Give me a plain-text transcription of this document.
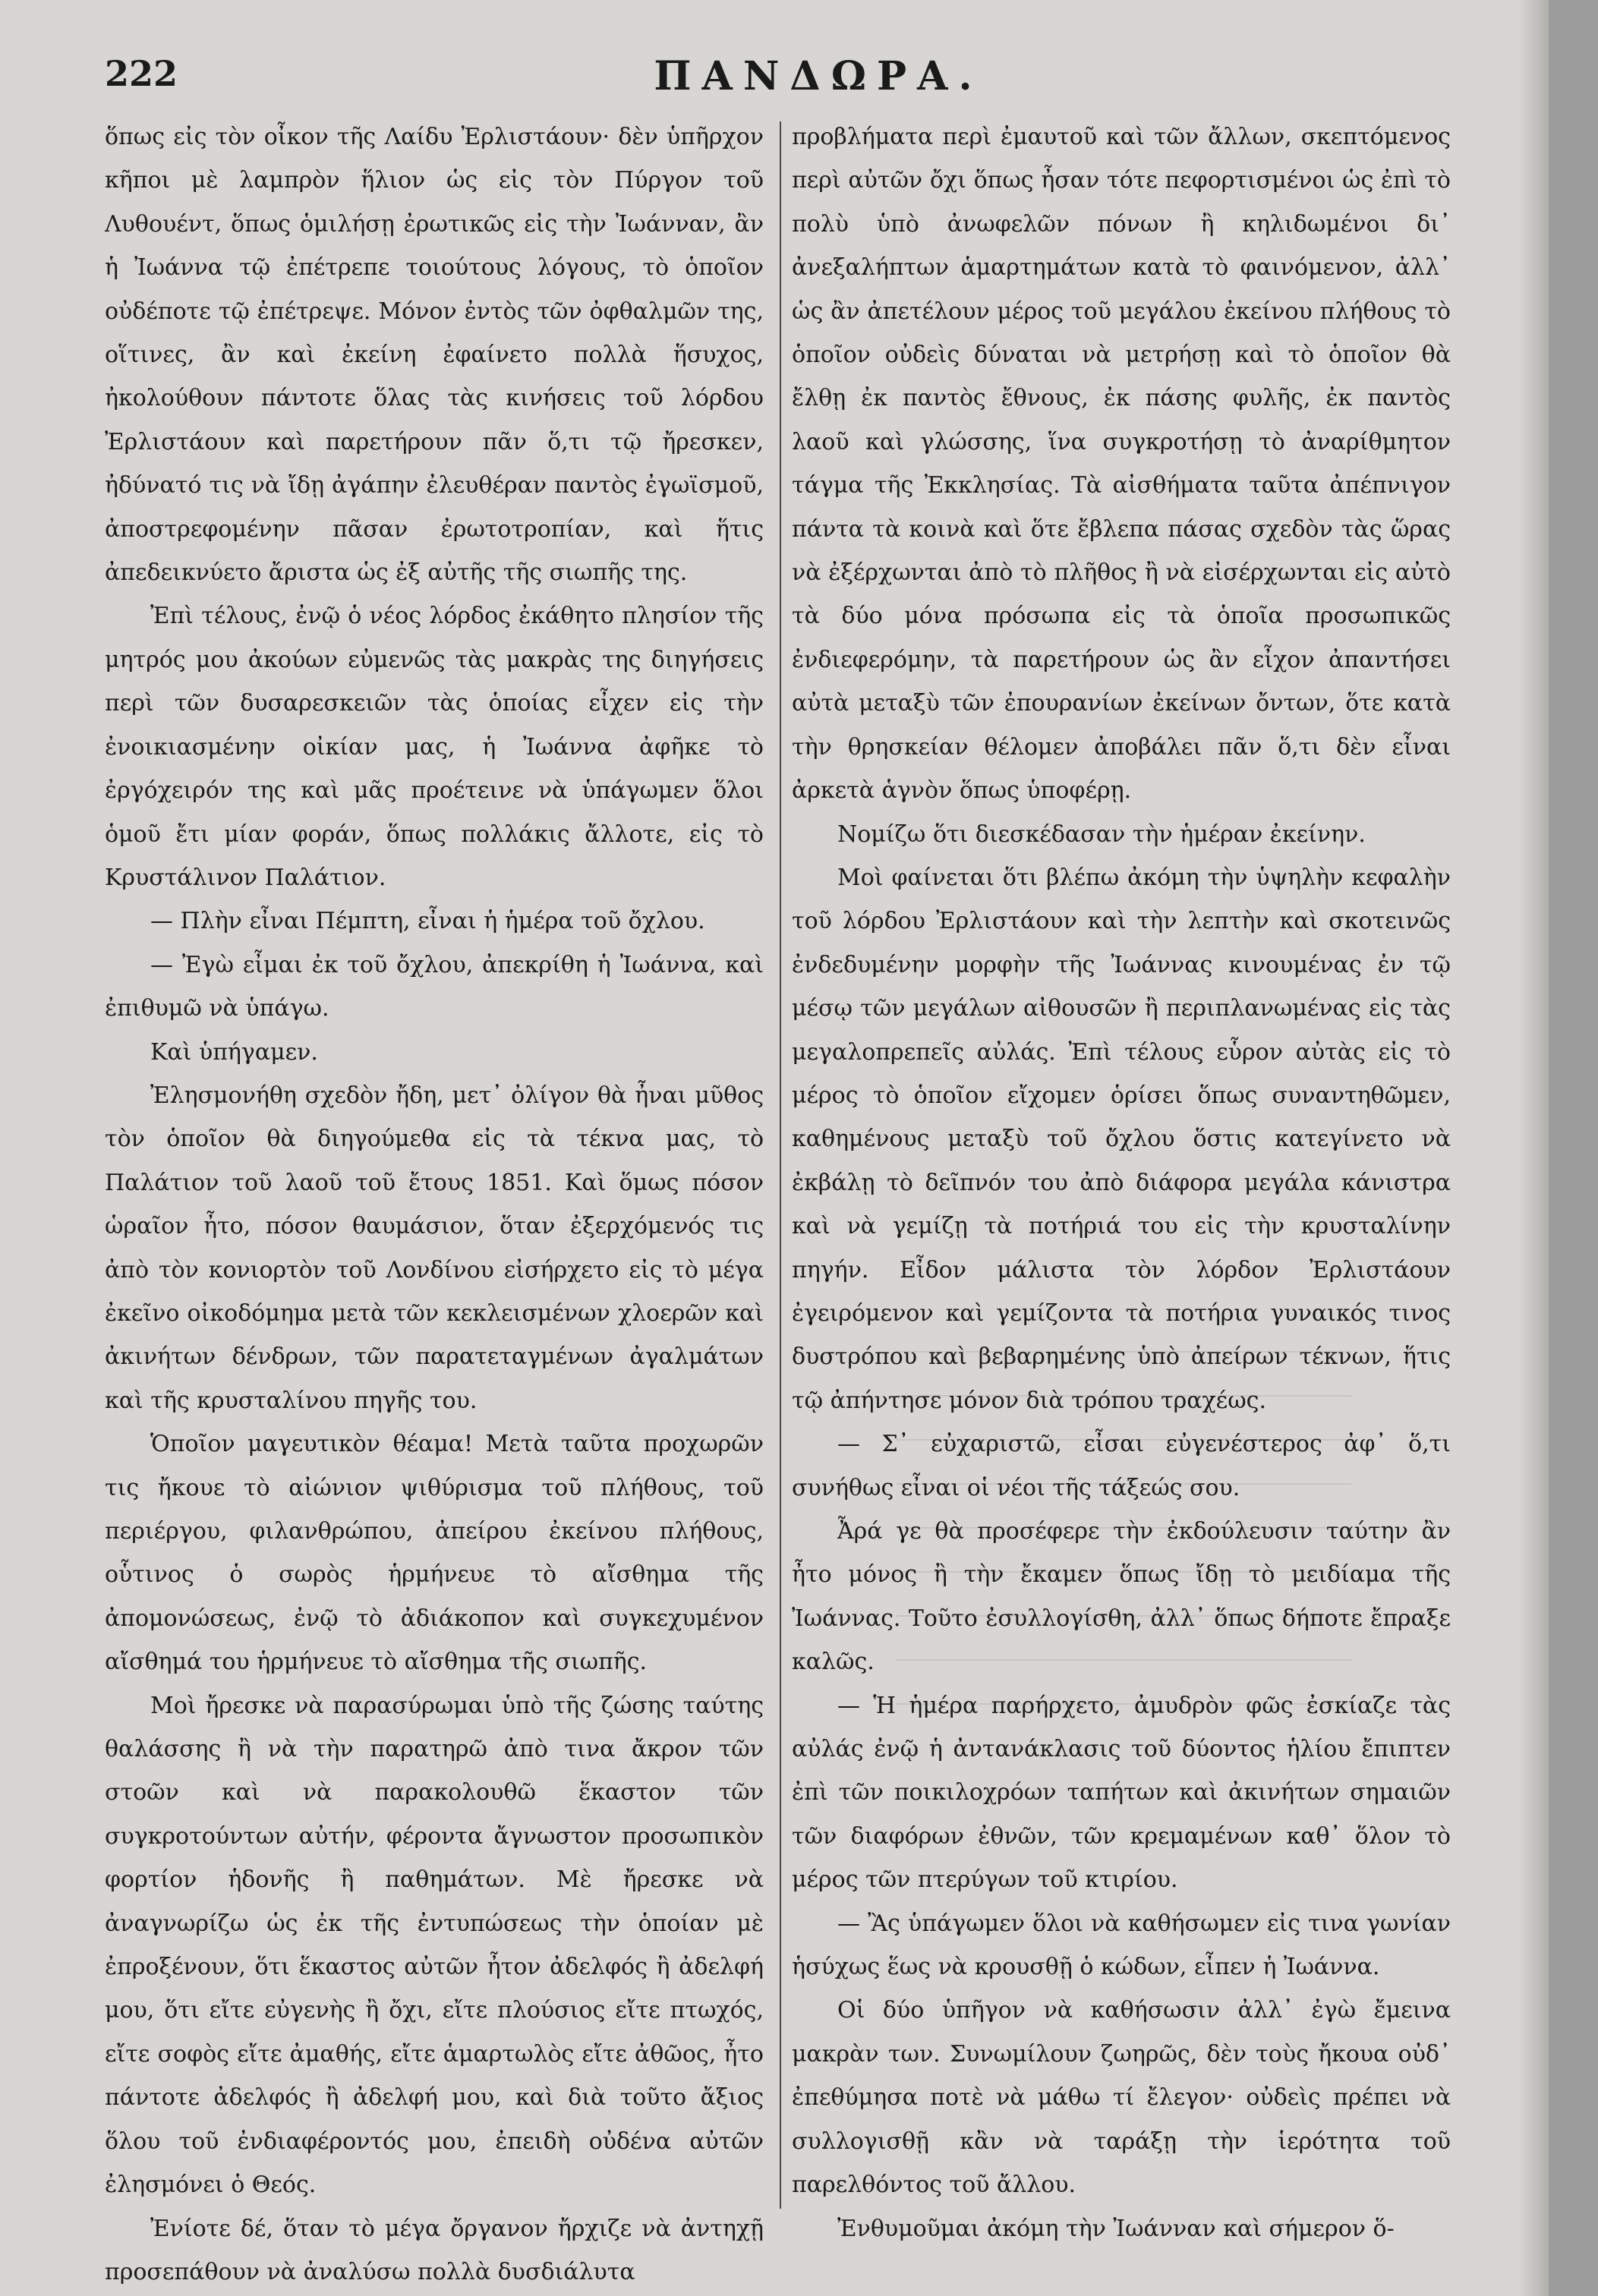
222	ΠΑΝΔΩΡΑ.

ὅπως εἰς τὸν οἶκον τῆς Λαίδυ Ἐρλιστάουν· δὲν ὑπῆρχον κῆποι μὲ λαμπρὸν ἥλιον ὡς εἰς τὸν Πύργον τοῦ Λυθουέντ, ὅπως ὁμιλήσῃ ἐρωτικῶς εἰς τὴν Ἰωάνναν, ἂν ἡ Ἰωάννα τῷ ἐπέτρεπε τοιούτους λόγους, τὸ ὁποῖον οὐδέποτε τῷ ἐπέτρεψε. Μόνον ἐντὸς τῶν ὀφθαλμῶν της, οἵτινες, ἂν καὶ ἐκείνη ἐφαίνετο πολλὰ ἥσυχος, ἠκολούθουν πάντοτε ὅλας τὰς κινήσεις τοῦ λόρδου Ἐρλιστάουν καὶ παρετήρουν πᾶν ὅ,τι τῷ ἤρεσκεν, ἠδύνατό τις νὰ ἴδῃ ἀγάπην ἐλευθέραν παντὸς ἐγωϊσμοῦ, ἀποστρεφομένην πᾶσαν ἐρωτοτροπίαν, καὶ ἥτις ἀπεδεικνύετο ἄριστα ὡς ἐξ αὐτῆς τῆς σιωπῆς της.

Ἐπὶ τέλους, ἐνῷ ὁ νέος λόρδος ἐκάθητο πλησίον τῆς μητρός μου ἀκούων εὐμενῶς τὰς μακρὰς της διηγήσεις περὶ τῶν δυσαρεσκειῶν τὰς ὁποίας εἶχεν εἰς τὴν ἐνοικιασμένην οἰκίαν μας, ἡ Ἰωάννα ἀφῆκε τὸ ἐργόχειρόν της καὶ μᾶς προέτεινε νὰ ὑπάγωμεν ὅλοι ὁμοῦ ἔτι μίαν φοράν, ὅπως πολλάκις ἄλλοτε, εἰς τὸ Κρυστάλινον Παλάτιον.

— Πλὴν εἶναι Πέμπτη, εἶναι ἡ ἡμέρα τοῦ ὄχλου.

— Ἐγὼ εἶμαι ἐκ τοῦ ὄχλου, ἀπεκρίθη ἡ Ἰωάννα, καὶ ἐπιθυμῶ νὰ ὑπάγω.

Καὶ ὑπήγαμεν.

Ἐλησμονήθη σχεδὸν ἤδη, μετ᾽ ὀλίγον θὰ ἦναι μῦθος τὸν ὁποῖον θὰ διηγούμεθα εἰς τὰ τέκνα μας, τὸ Παλάτιον τοῦ λαοῦ τοῦ ἔτους 1851. Καὶ ὅμως πόσον ὡραῖον ἦτο, πόσον θαυμάσιον, ὅταν ἐξερχόμενός τις ἀπὸ τὸν κονιορτὸν τοῦ Λονδίνου εἰσήρχετο εἰς τὸ μέγα ἐκεῖνο οἰκοδόμημα μετὰ τῶν κεκλεισμένων χλοερῶν καὶ ἀκινήτων δένδρων, τῶν παρατεταγμένων ἀγαλμάτων καὶ τῆς κρυσταλίνου πηγῆς του.

Ὁποῖον μαγευτικὸν θέαμα! Μετὰ ταῦτα προχωρῶν τις ἤκουε τὸ αἰώνιον ψιθύρισμα τοῦ πλήθους, τοῦ περιέργου, φιλανθρώπου, ἀπείρου ἐκείνου πλήθους, οὗτινος ὁ σωρὸς ἡρμήνευε τὸ αἴσθημα τῆς ἀπομονώσεως, ἐνῷ τὸ ἀδιάκοπον καὶ συγκεχυμένον αἴσθημά του ἡρμήνευε τὸ αἴσθημα τῆς σιωπῆς.

Μοὶ ἤρεσκε νὰ παρασύρωμαι ὑπὸ τῆς ζώσης ταύτης θαλάσσης ἢ νὰ τὴν παρατηρῶ ἀπὸ τινα ἄκρον τῶν στοῶν καὶ νὰ παρακολουθῶ ἕκαστον τῶν συγκροτούντων αὐτήν, φέροντα ἄγνωστον προσωπικὸν φορτίον ἡδονῆς ἢ παθημάτων. Μὲ ἤρεσκε νὰ ἀναγνωρίζω ὡς ἐκ τῆς ἐντυπώσεως τὴν ὁποίαν μὲ ἐπροξένουν, ὅτι ἕκαστος αὐτῶν ἦτον ἀδελφός ἢ ἀδελφή μου, ὅτι εἴτε εὐγενὴς ἢ ὄχι, εἴτε πλούσιος εἴτε πτωχός, εἴτε σοφὸς εἴτε ἀμαθής, εἴτε ἁμαρτωλὸς εἴτε ἀθῶος, ἦτο πάντοτε ἀδελφός ἢ ἀδελφή μου, καὶ διὰ τοῦτο ἄξιος ὅλου τοῦ ἐνδιαφέροντός μου, ἐπειδὴ οὐδένα αὐτῶν ἐλησμόνει ὁ Θεός.

Ἐνίοτε δέ, ὅταν τὸ μέγα ὄργανον ἤρχιζε νὰ ἀντηχῇ προσεπάθουν νὰ ἀναλύσω πολλὰ δυσδιάλυτα

προβλήματα περὶ ἐμαυτοῦ καὶ τῶν ἄλλων, σκεπτόμενος περὶ αὐτῶν ὄχι ὅπως ἦσαν τότε πεφορτισμένοι ὡς ἐπὶ τὸ πολὺ ὑπὸ ἀνωφελῶν πόνων ἢ κηλιδωμένοι δι᾽ ἀνεξαλήπτων ἁμαρτημάτων κατὰ τὸ φαινόμενον, ἀλλ᾽ ὡς ἂν ἀπετέλουν μέρος τοῦ μεγάλου ἐκείνου πλήθους τὸ ὁποῖον οὐδεὶς δύναται νὰ μετρήσῃ καὶ τὸ ὁποῖον θὰ ἔλθῃ ἐκ παντὸς ἔθνους, ἐκ πάσης φυλῆς, ἐκ παντὸς λαοῦ καὶ γλώσσης, ἵνα συγκροτήσῃ τὸ ἀναρίθμητον τάγμα τῆς Ἐκκλησίας. Τὰ αἰσθήματα ταῦτα ἀπέπνιγον πάντα τὰ κοινὰ καὶ ὅτε ἔβλεπα πάσας σχεδὸν τὰς ὥρας νὰ ἐξέρχωνται ἀπὸ τὸ πλῆθος ἢ νὰ εἰσέρχωνται εἰς αὐτὸ τὰ δύο μόνα πρόσωπα εἰς τὰ ὁποῖα προσωπικῶς ἐνδιεφερόμην, τὰ παρετήρουν ὡς ἂν εἶχον ἀπαντήσει αὐτὰ μεταξὺ τῶν ἐπουρανίων ἐκείνων ὄντων, ὅτε κατὰ τὴν θρησκείαν θέλομεν ἀποβάλει πᾶν ὅ,τι δὲν εἶναι ἀρκετὰ ἁγνὸν ὅπως ὑποφέρῃ.

Νομίζω ὅτι διεσκέδασαν τὴν ἡμέραν ἐκείνην.

Μοὶ φαίνεται ὅτι βλέπω ἀκόμη τὴν ὑψηλὴν κεφαλὴν τοῦ λόρδου Ἐρλιστάουν καὶ τὴν λεπτὴν καὶ σκοτεινῶς ἐνδεδυμένην μορφὴν τῆς Ἰωάννας κινουμένας ἐν τῷ μέσῳ τῶν μεγάλων αἰθουσῶν ἢ περιπλανωμένας εἰς τὰς μεγαλοπρεπεῖς αὐλάς. Ἐπὶ τέλους εὗρον αὐτὰς εἰς τὸ μέρος τὸ ὁποῖον εἴχομεν ὁρίσει ὅπως συναντηθῶμεν, καθημένους μεταξὺ τοῦ ὄχλου ὅστις κατεγίνετο νὰ ἐκβάλῃ τὸ δεῖπνόν του ἀπὸ διάφορα μεγάλα κάνιστρα καὶ νὰ γεμίζῃ τὰ ποτήριά του εἰς τὴν κρυσταλίνην πηγήν. Εἶδον μάλιστα τὸν λόρδον Ἐρλιστάουν ἐγειρόμενον καὶ γεμίζοντα τὰ ποτήρια γυναικός τινος δυστρόπου καὶ βεβαρημένης ὑπὸ ἀπείρων τέκνων, ἥτις τῷ ἀπήντησε μόνον διὰ τρόπου τραχέως.

— Σ᾽ εὐχαριστῶ, εἶσαι εὐγενέστερος ἀφ᾽ ὅ,τι συνήθως εἶναι οἱ νέοι τῆς τάξεώς σου.

Ἆρά γε θὰ προσέφερε τὴν ἐκδούλευσιν ταύτην ἂν ἦτο μόνος ἢ τὴν ἔκαμεν ὅπως ἴδῃ τὸ μειδίαμα τῆς Ἰωάννας. Τοῦτο ἐσυλλογίσθη, ἀλλ᾽ ὅπως δήποτε ἔπραξε καλῶς.

— Ἡ ἡμέρα παρήρχετο, ἀμυδρὸν φῶς ἐσκίαζε τὰς αὐλάς ἐνῷ ἡ ἀντανάκλασις τοῦ δύοντος ἡλίου ἔπιπτεν ἐπὶ τῶν ποικιλοχρόων ταπήτων καὶ ἀκινήτων σημαιῶν τῶν διαφόρων ἐθνῶν, τῶν κρεμαμένων καθ᾽ ὅλον τὸ μέρος τῶν πτερύγων τοῦ κτιρίου.

— Ἂς ὑπάγωμεν ὅλοι νὰ καθήσωμεν εἰς τινα γωνίαν ἡσύχως ἕως νὰ κρουσθῇ ὁ κώδων, εἶπεν ἡ Ἰωάννα.

Οἱ δύο ὑπῆγον νὰ καθήσωσιν ἀλλ᾽ ἐγὼ ἔμεινα μακρὰν των. Συνωμίλουν ζωηρῶς, δὲν τοὺς ἤκουα οὐδ᾽ ἐπεθύμησα ποτὲ νὰ μάθω τί ἔλεγον· οὐδεὶς πρέπει νὰ συλλογισθῇ κἂν νὰ ταράξῃ τὴν ἱερότητα τοῦ παρελθόντος τοῦ ἄλλου.

Ἐνθυμοῦμαι ἀκόμη τὴν Ἰωάνναν καὶ σήμερον ὅ-
